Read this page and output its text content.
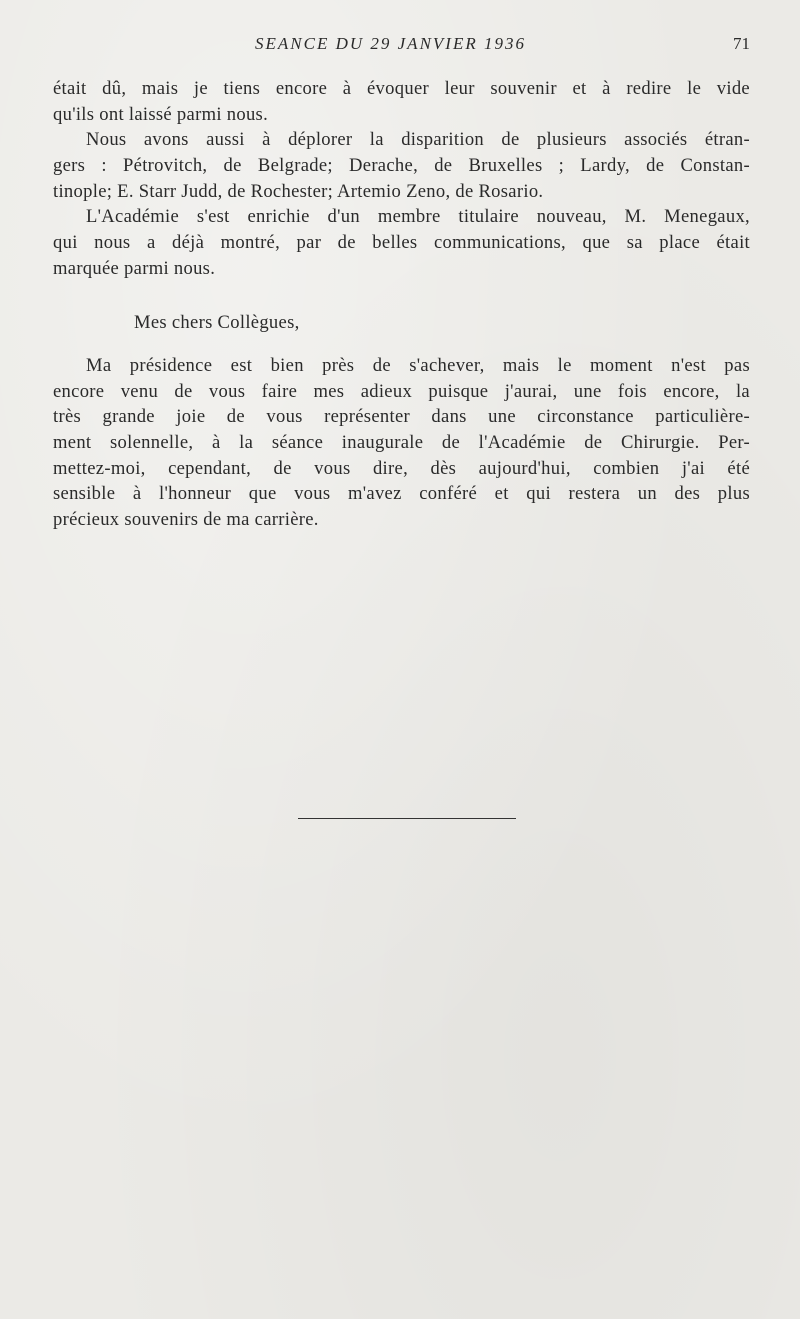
SEANCE DU 29 JANVIER 1936	71
était dû, mais je tiens encore à évoquer leur souvenir et à redire le vide
qu'ils ont laissé parmi nous.
Nous avons aussi à déplorer la disparition de plusieurs associés étran-
gers : Pétrovitch, de Belgrade; Derache, de Bruxelles ; Lardy, de Constan-
tinople; E. Starr Judd, de Rochester; Artemio Zeno, de Rosario.
L'Académie s'est enrichie d'un membre titulaire nouveau, M. Menegaux,
qui nous a déjà montré, par de belles communications, que sa place était
marquée parmi nous.
Mes chers Collègues,
Ma présidence est bien près de s'achever, mais le moment n'est pas
encore venu de vous faire mes adieux puisque j'aurai, une fois encore, la
très grande joie de vous représenter dans une circonstance particulière-
ment solennelle, à la séance inaugurale de l'Académie de Chirurgie. Per-
mettez-moi, cependant, de vous dire, dès aujourd'hui, combien j'ai été
sensible à l'honneur que vous m'avez conféré et qui restera un des plus
précieux souvenirs de ma carrière.
